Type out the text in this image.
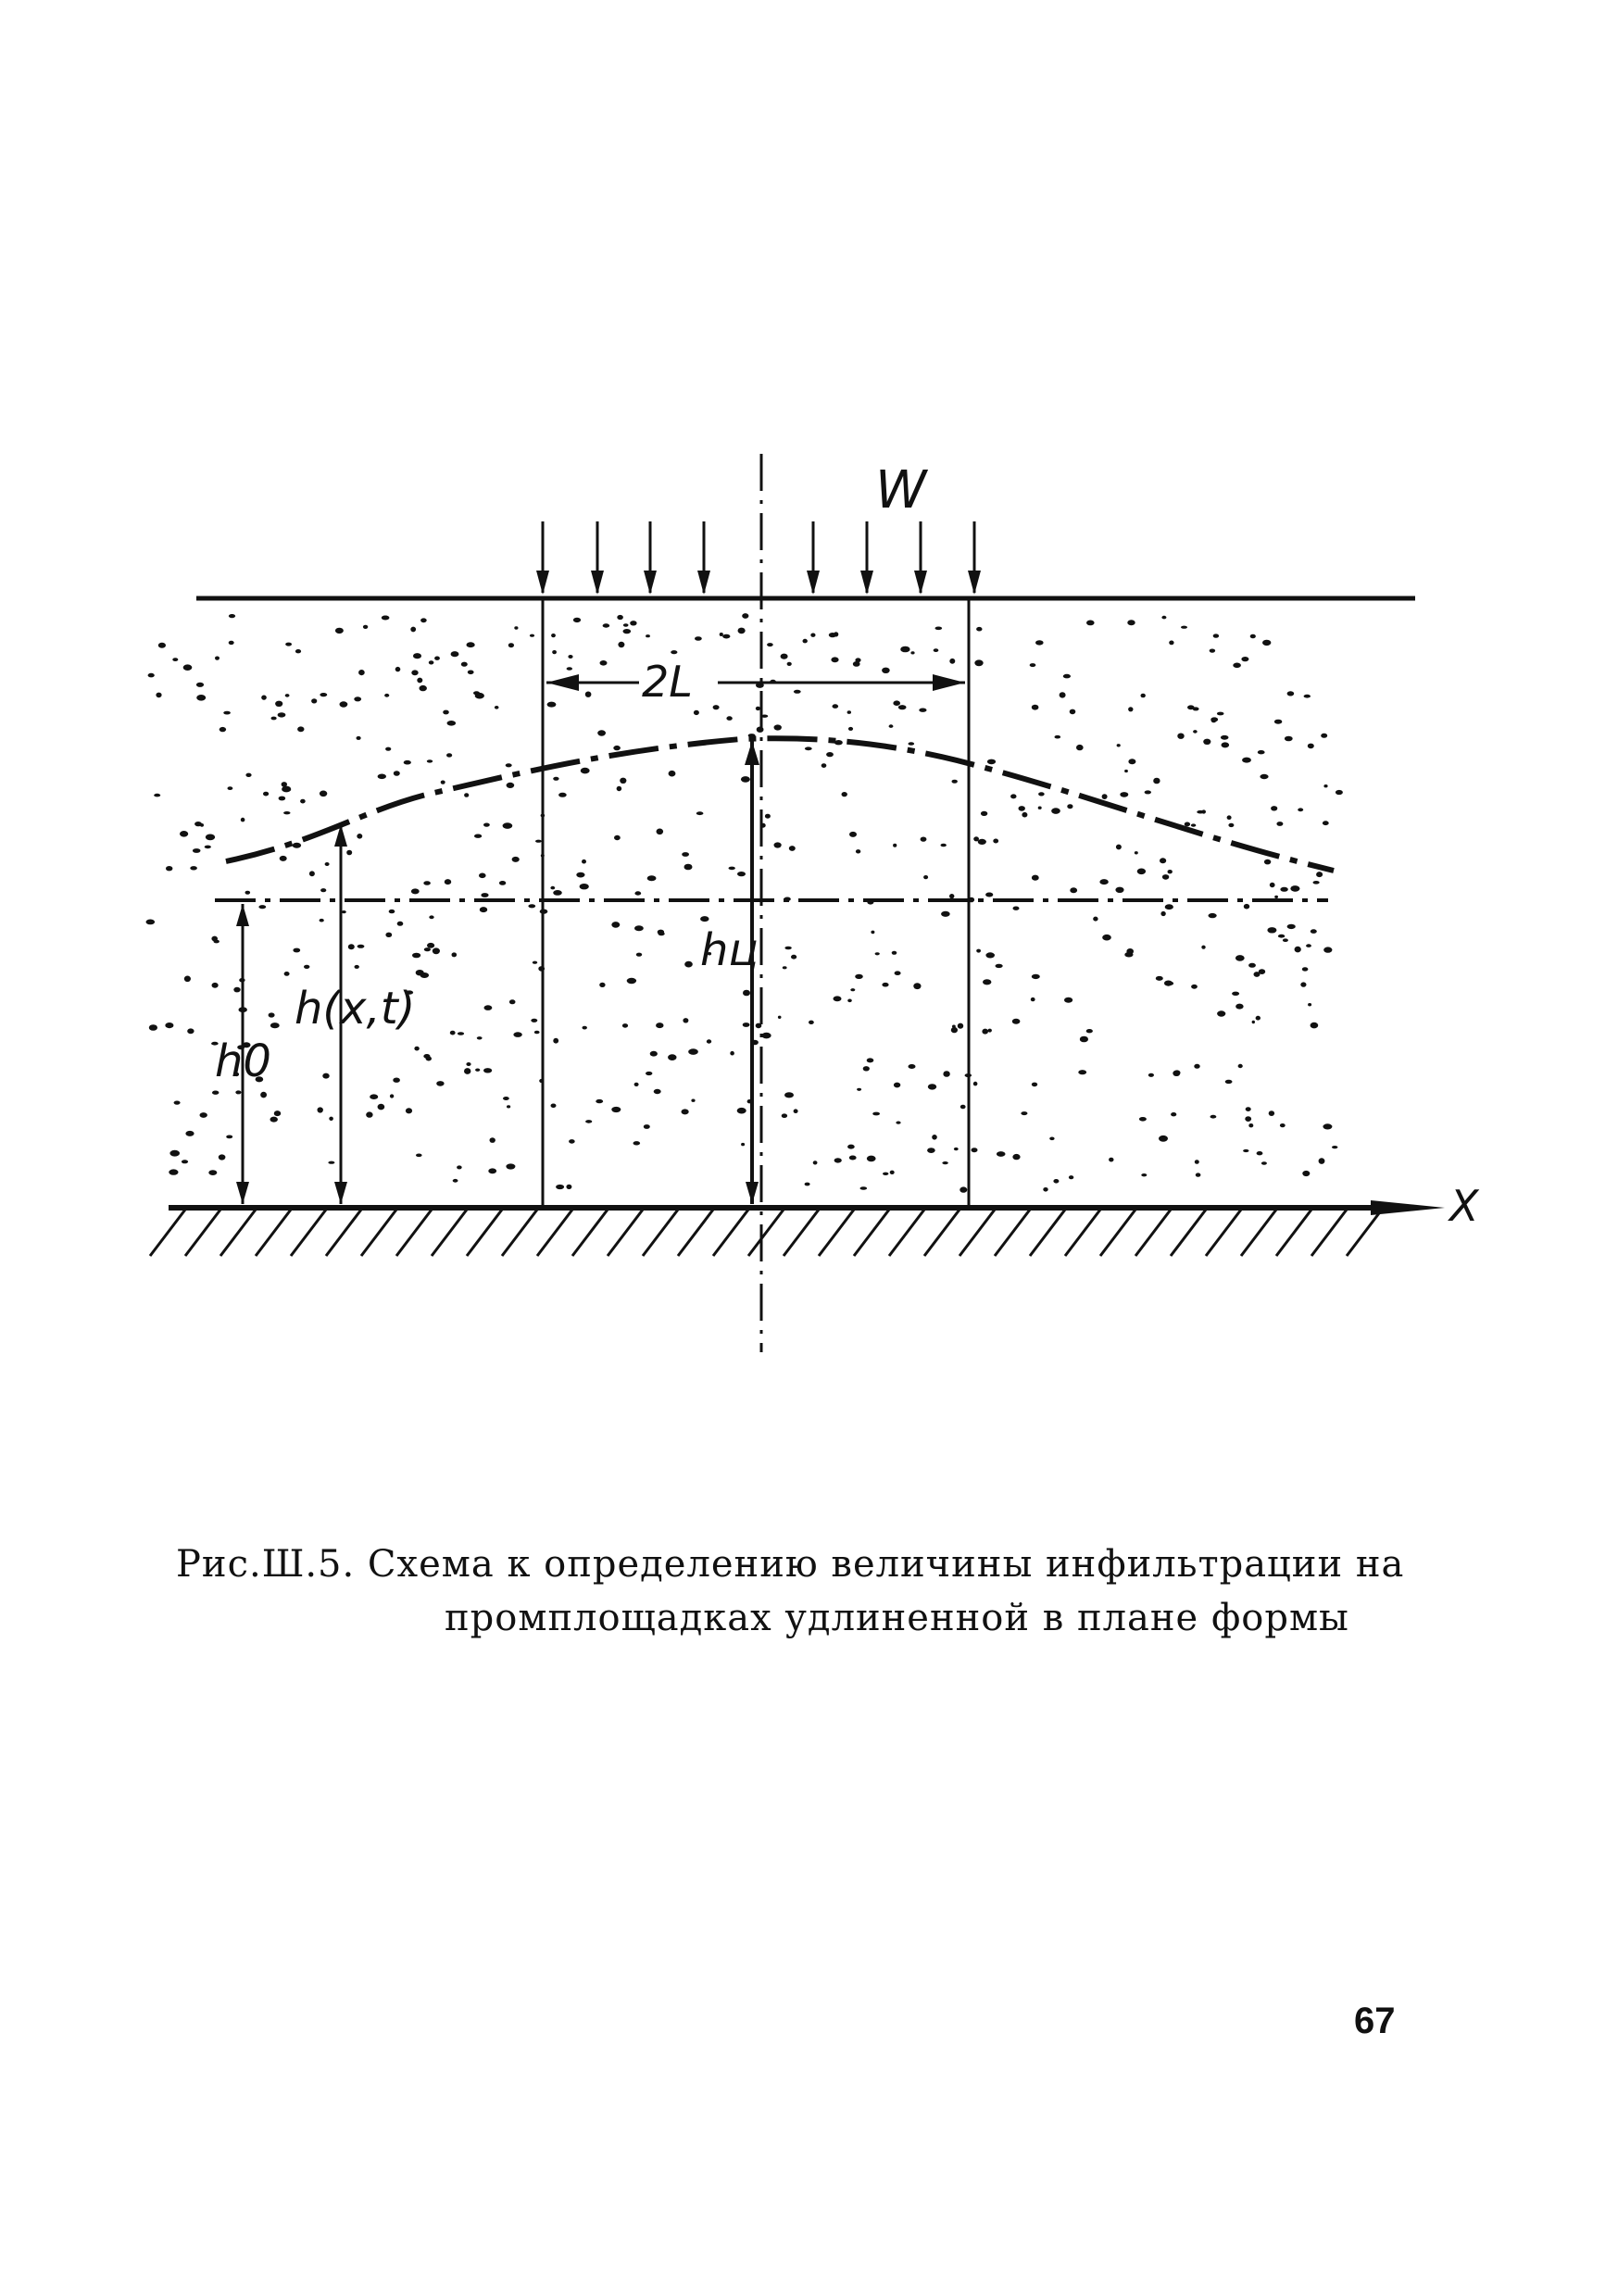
X
W
2L
h0
h(x,t)
hц

Рис.Ш.5. Схема к определению величины инфильтрации на
промплощадках удлиненной в плане формы

67
